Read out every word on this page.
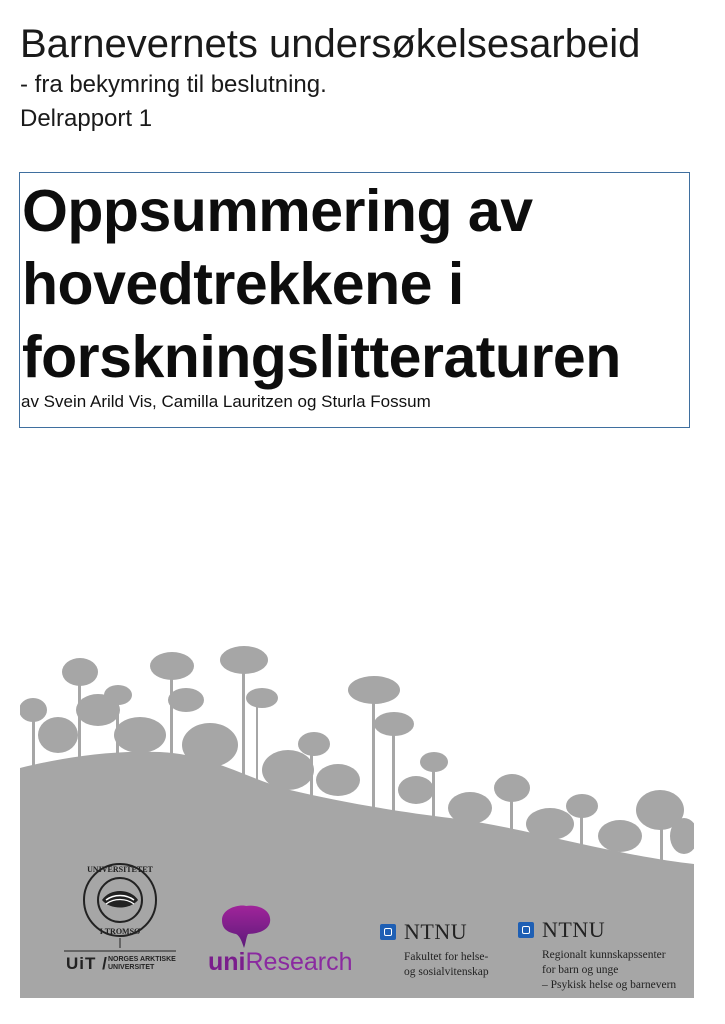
Barnevernets undersøkelsesarbeid
- fra bekymring til beslutning.
Delrapport 1
Oppsummering av
hovedtrekkene i
forskningslitteraturen
av Svein Arild Vis, Camilla Lauritzen og Sturla Fossum
UNIVERSITETET
I TROMSØ
UiT / NORGES ARKTISKE UNIVERSITET	uniResearch
NTNU
Fakultet for helse-
og sosialvitenskap
NTNU
Regionalt kunnskapssenter
for barn og unge
– Psykisk helse og barnevern
